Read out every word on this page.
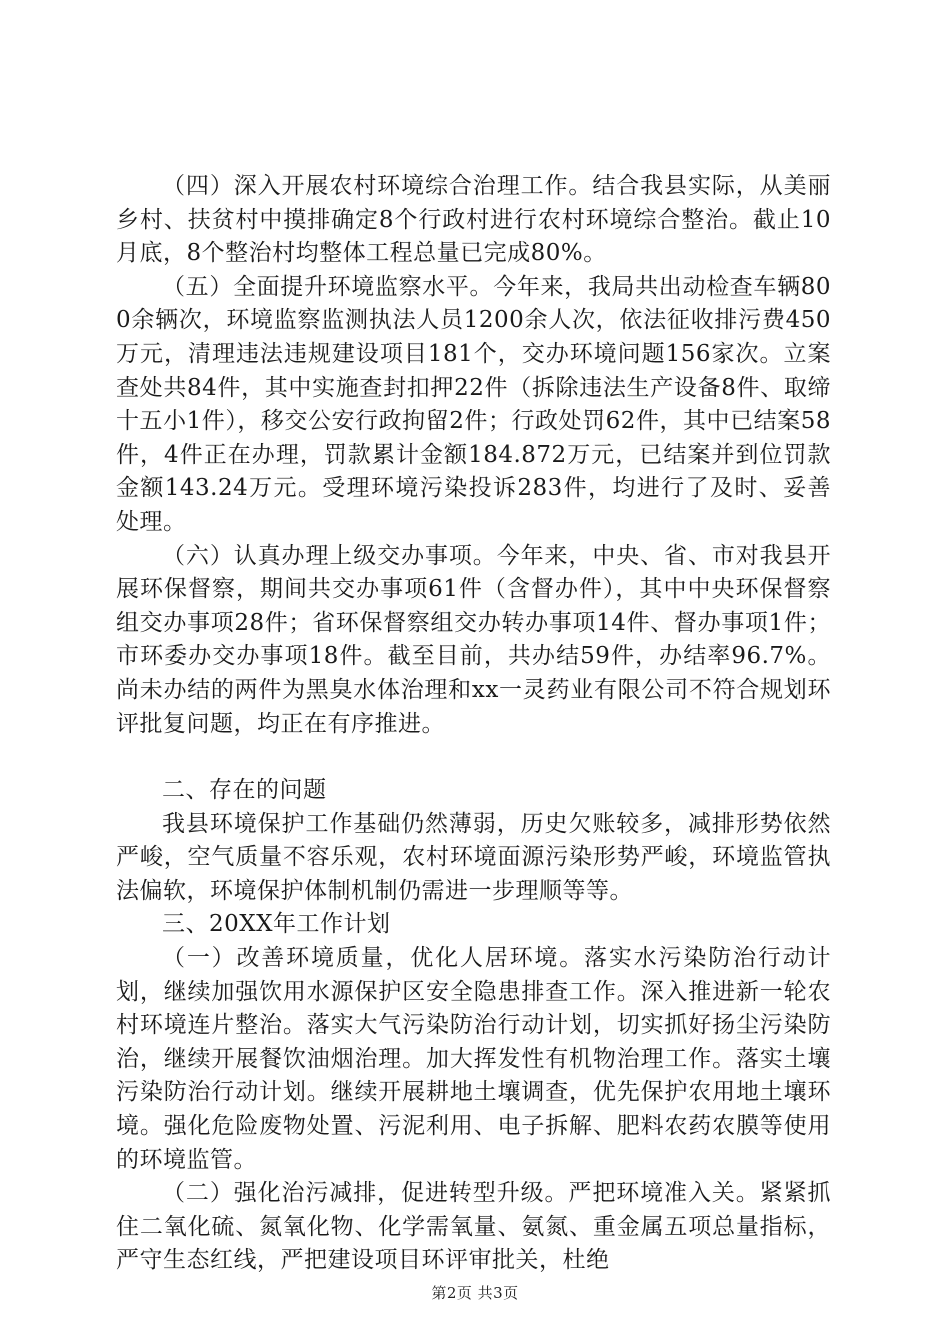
（四）深入开展农村环境综合治理工作。结合我县实际，从美丽乡村、扶贫村中摸排确定8个行政村进行农村环境综合整治。截止10月底，8个整治村均整体工程总量已完成80%。

（五）全面提升环境监察水平。今年来，我局共出动检查车辆800余辆次，环境监察监测执法人员1200余人次，依法征收排污费450万元，清理违法违规建设项目181个，交办环境问题156家次。立案查处共84件，其中实施查封扣押22件（拆除违法生产设备8件、取缔十五小1件），移交公安行政拘留2件；行政处罚62件，其中已结案58件，4件正在办理，罚款累计金额184.872万元，已结案并到位罚款金额143.24万元。受理环境污染投诉283件，均进行了及时、妥善处理。

（六）认真办理上级交办事项。今年来，中央、省、市对我县开展环保督察，期间共交办事项61件（含督办件），其中中央环保督察组交办事项28件；省环保督察组交办转办事项14件、督办事项1件；市环委办交办事项18件。截至目前，共办结59件，办结率96.7%。尚未办结的两件为黑臭水体治理和xx一灵药业有限公司不符合规划环评批复问题，均正在有序推进。

二、存在的问题

我县环境保护工作基础仍然薄弱，历史欠账较多，减排形势依然严峻，空气质量不容乐观，农村环境面源污染形势严峻，环境监管执法偏软，环境保护体制机制仍需进一步理顺等等。

三、20XX年工作计划

（一）改善环境质量，优化人居环境。落实水污染防治行动计划，继续加强饮用水源保护区安全隐患排查工作。深入推进新一轮农村环境连片整治。落实大气污染防治行动计划，切实抓好扬尘污染防治，继续开展餐饮油烟治理。加大挥发性有机物治理工作。落实土壤污染防治行动计划。继续开展耕地土壤调查，优先保护农用地土壤环境。强化危险废物处置、污泥利用、电子拆解、肥料农药农膜等使用的环境监管。

（二）强化治污减排，促进转型升级。严把环境准入关。紧紧抓住二氧化硫、氮氧化物、化学需氧量、氨氮、重金属五项总量指标，严守生态红线，严把建设项目环评审批关，杜绝

第2页 共3页
